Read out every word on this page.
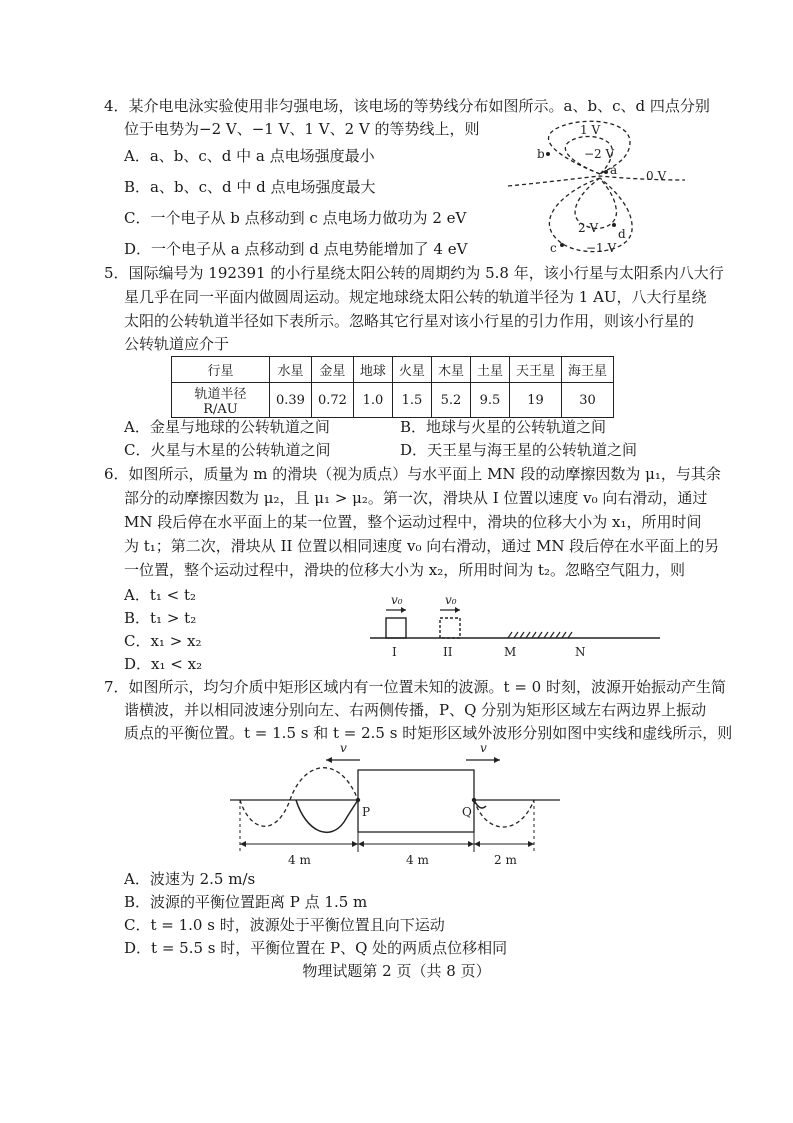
4．某介电电泳实验使用非匀强电场，该电场的等势线分布如图所示。a、b、c、d 四点分别
位于电势为−2 V、−1 V、1 V、2 V 的等势线上，则
A．a、b、c、d 中 a 点电场强度最小
B．a、b、c、d 中 d 点电场强度最大
C．一个电子从 b 点移动到 c 点电场力做功为 2 eV
D．一个电子从 a 点移动到 d 点电势能增加了 4 eV
1 V
−2 V
0 V
2 V
−1 V
a
b
c
d
5．国际编号为 192391 的小行星绕太阳公转的周期约为 5.8 年，该小行星与太阳系内八大行
星几乎在同一平面内做圆周运动。规定地球绕太阳公转的轨道半径为 1 AU，八大行星绕
太阳的公转轨道半径如下表所示。忽略其它行星对该小行星的引力作用，则该小行星的
公转轨道应介于
行星	水星	金星	地球	火星	木星	土星	天王星	海王星
轨道半径 R/AU	0.39	0.72	1.0	1.5	5.2	9.5	19	30
A．金星与地球的公转轨道之间	B．地球与火星的公转轨道之间
C．火星与木星的公转轨道之间	D．天王星与海王星的公转轨道之间
6．如图所示，质量为 m 的滑块（视为质点）与水平面上 MN 段的动摩擦因数为 μ₁，与其余
部分的动摩擦因数为 μ₂，且 μ₁ > μ₂。第一次，滑块从 I 位置以速度 v₀ 向右滑动，通过
MN 段后停在水平面上的某一位置，整个运动过程中，滑块的位移大小为 x₁，所用时间
为 t₁；第二次，滑块从 II 位置以相同速度 v₀ 向右滑动，通过 MN 段后停在水平面上的另
一位置，整个运动过程中，滑块的位移大小为 x₂，所用时间为 t₂。忽略空气阻力，则
A．t₁ < t₂
B．t₁ > t₂
C．x₁ > x₂
D．x₁ < x₂
v₀	v₀
I	II	M	N
7．如图所示，均匀介质中矩形区域内有一位置未知的波源。t = 0 时刻，波源开始振动产生简
谐横波，并以相同波速分别向左、右两侧传播，P、Q 分别为矩形区域左右两边界上振动
质点的平衡位置。t = 1.5 s 和 t = 2.5 s 时矩形区域外波形分别如图中实线和虚线所示，则
v	v
P	Q
4 m	4 m	2 m
A．波速为 2.5 m/s
B．波源的平衡位置距离 P 点 1.5 m
C．t = 1.0 s 时，波源处于平衡位置且向下运动
D．t = 5.5 s 时，平衡位置在 P、Q 处的两质点位移相同
物理试题第 2 页（共 8 页）
